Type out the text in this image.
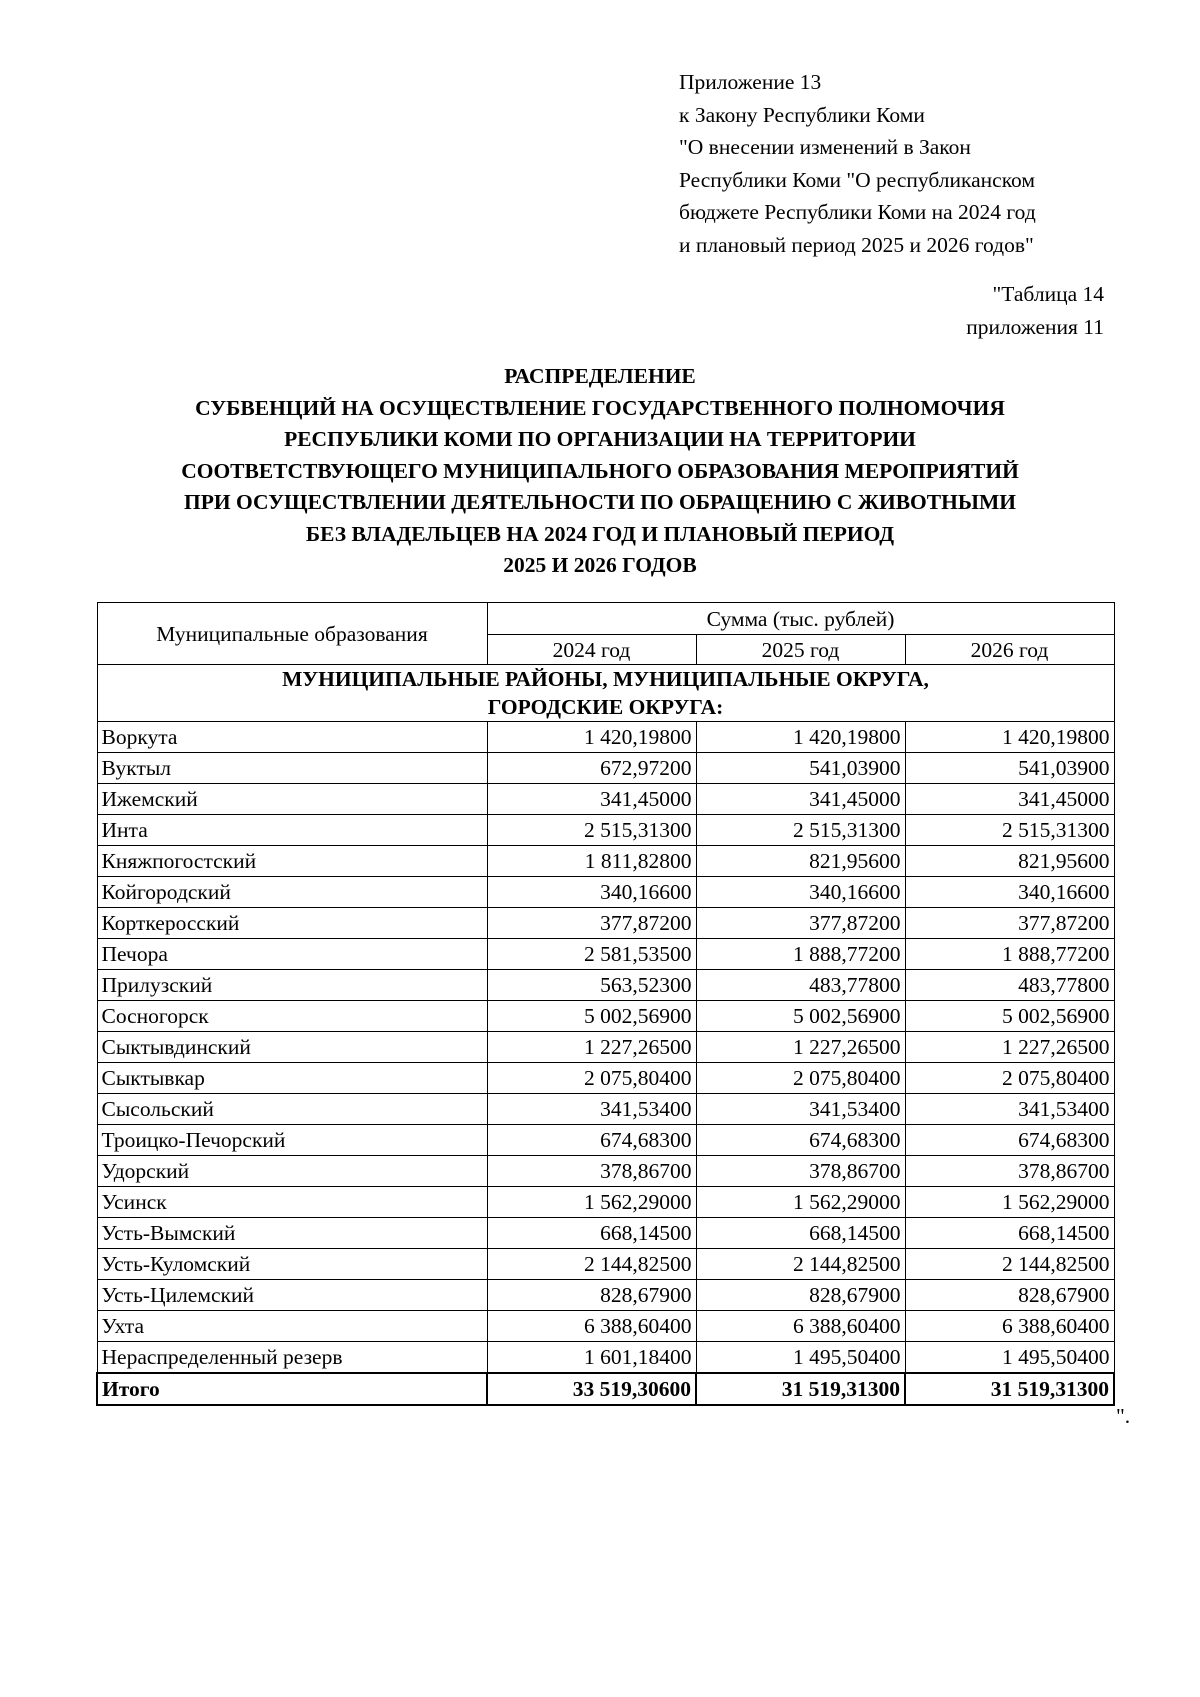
Приложение 13
к Закону Республики Коми
"О внесении изменений в Закон
Республики Коми "О республиканском
бюджете Республики Коми на 2024 год
и плановый период 2025 и 2026 годов"
"Таблица 14
приложения 11
РАСПРЕДЕЛЕНИЕ
СУБВЕНЦИЙ НА ОСУЩЕСТВЛЕНИЕ ГОСУДАРСТВЕННОГО ПОЛНОМОЧИЯ
РЕСПУБЛИКИ КОМИ ПО ОРГАНИЗАЦИИ НА ТЕРРИТОРИИ
СООТВЕТСТВУЮЩЕГО МУНИЦИПАЛЬНОГО ОБРАЗОВАНИЯ МЕРОПРИЯТИЙ
ПРИ ОСУЩЕСТВЛЕНИИ ДЕЯТЕЛЬНОСТИ ПО ОБРАЩЕНИЮ С ЖИВОТНЫМИ
БЕЗ ВЛАДЕЛЬЦЕВ НА 2024 ГОД И ПЛАНОВЫЙ ПЕРИОД
2025 И 2026 ГОДОВ
Муниципальные образования	Сумма (тыс. рублей)		
	2024 год	2025 год	2026 год

МУНИЦИПАЛЬНЫЕ РАЙОНЫ, МУНИЦИПАЛЬНЫЕ ОКРУГА,
ГОРОДСКИЕ ОКРУГА:			

Воркута	1 420,19800	1 420,19800	1 420,19800
Вуктыл	672,97200	541,03900	541,03900
Ижемский	341,45000	341,45000	341,45000
Инта	2 515,31300	2 515,31300	2 515,31300
Княжпогостский	1 811,82800	821,95600	821,95600
Койгородский	340,16600	340,16600	340,16600
Корткеросский	377,87200	377,87200	377,87200
Печора	2 581,53500	1 888,77200	1 888,77200
Прилузский	563,52300	483,77800	483,77800
Сосногорск	5 002,56900	5 002,56900	5 002,56900
Сыктывдинский	1 227,26500	1 227,26500	1 227,26500
Сыктывкар	2 075,80400	2 075,80400	2 075,80400
Сысольский	341,53400	341,53400	341,53400
Троицко-Печорский	674,68300	674,68300	674,68300
Удорский	378,86700	378,86700	378,86700
Усинск	1 562,29000	1 562,29000	1 562,29000
Усть-Вымский	668,14500	668,14500	668,14500
Усть-Куломский	2 144,82500	2 144,82500	2 144,82500
Усть-Цилемский	828,67900	828,67900	828,67900
Ухта	6 388,60400	6 388,60400	6 388,60400
Нераспределенный резерв	1 601,18400	1 495,50400	1 495,50400
Итого	33 519,30600	31 519,31300	31 519,31300
".
